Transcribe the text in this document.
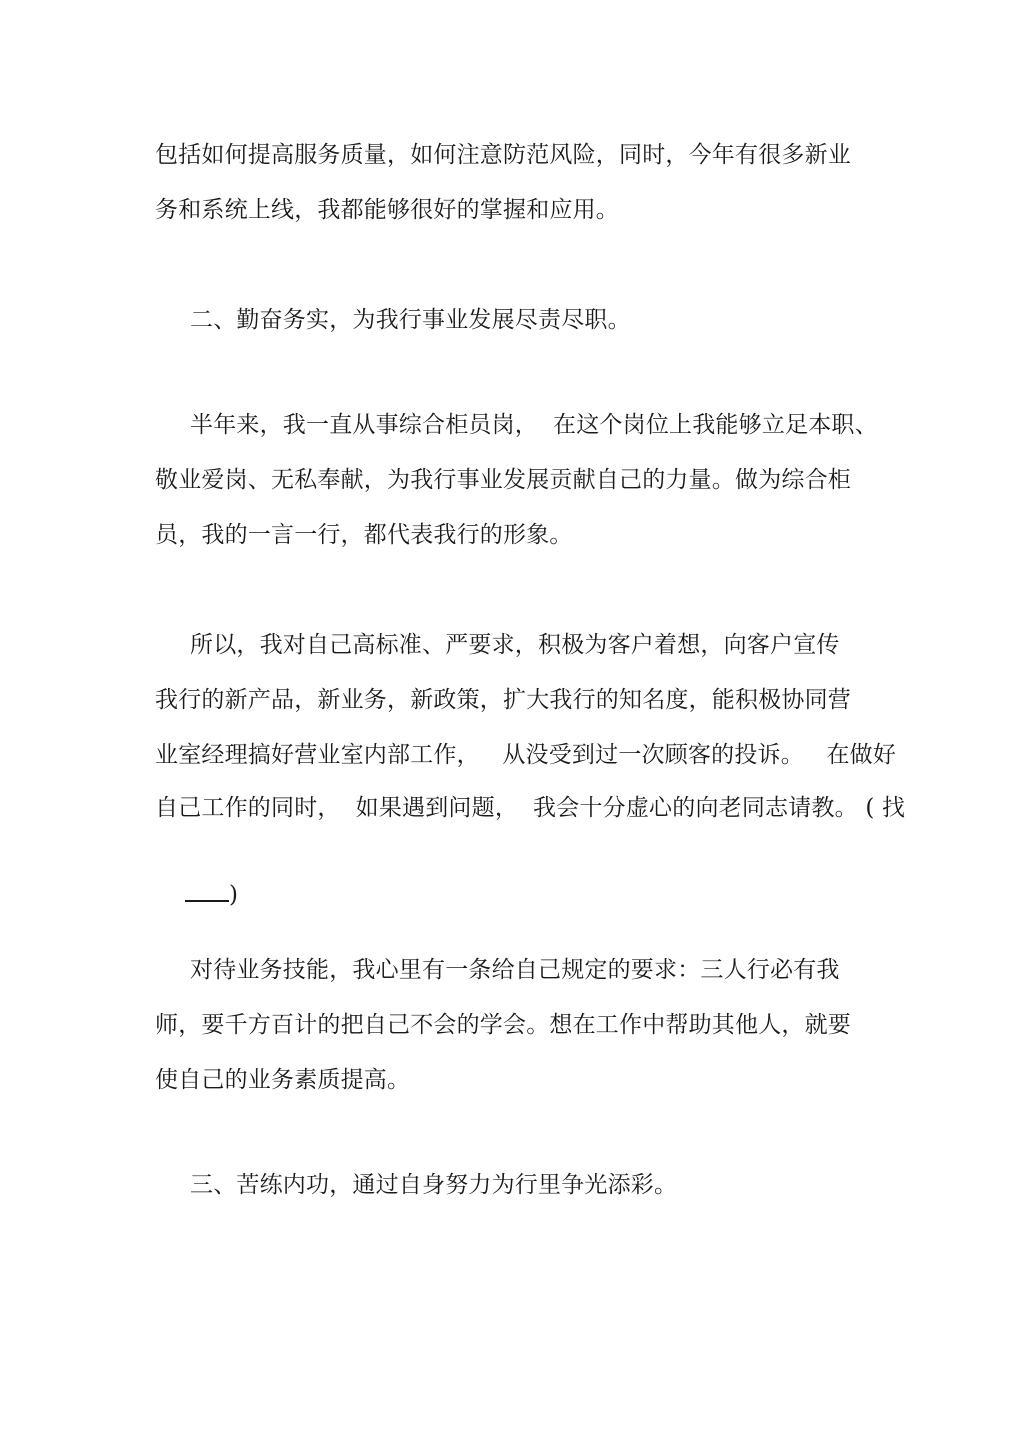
包括如何提高服务质量，如何注意防范风险，同时，今年有很多新业
务和系统上线，我都能够很好的掌握和应用。
二、勤奋务实，为我行事业发展尽责尽职。
半年来，我一直从事综合柜员岗，  在这个岗位上我能够立足本职、
敬业爱岗、无私奉献，为我行事业发展贡献自己的力量。做为综合柜
员，我的一言一行，都代表我行的形象。
所以，我对自己高标准、严要求，积极为客户着想，向客户宣传
我行的新产品，新业务，新政策，扩大我行的知名度，能积极协同营
业室经理搞好营业室内部工作，   从没受到过一次顾客的投诉。   在做好
自己工作的同时，  如果遇到问题，  我会十分虚心的向老同志请教。 ( 找

)

对待业务技能，我心里有一条给自己规定的要求：三人行必有我
师，要千方百计的把自己不会的学会。想在工作中帮助其他人，就要
使自己的业务素质提高。
三、苦练内功，通过自身努力为行里争光添彩。
